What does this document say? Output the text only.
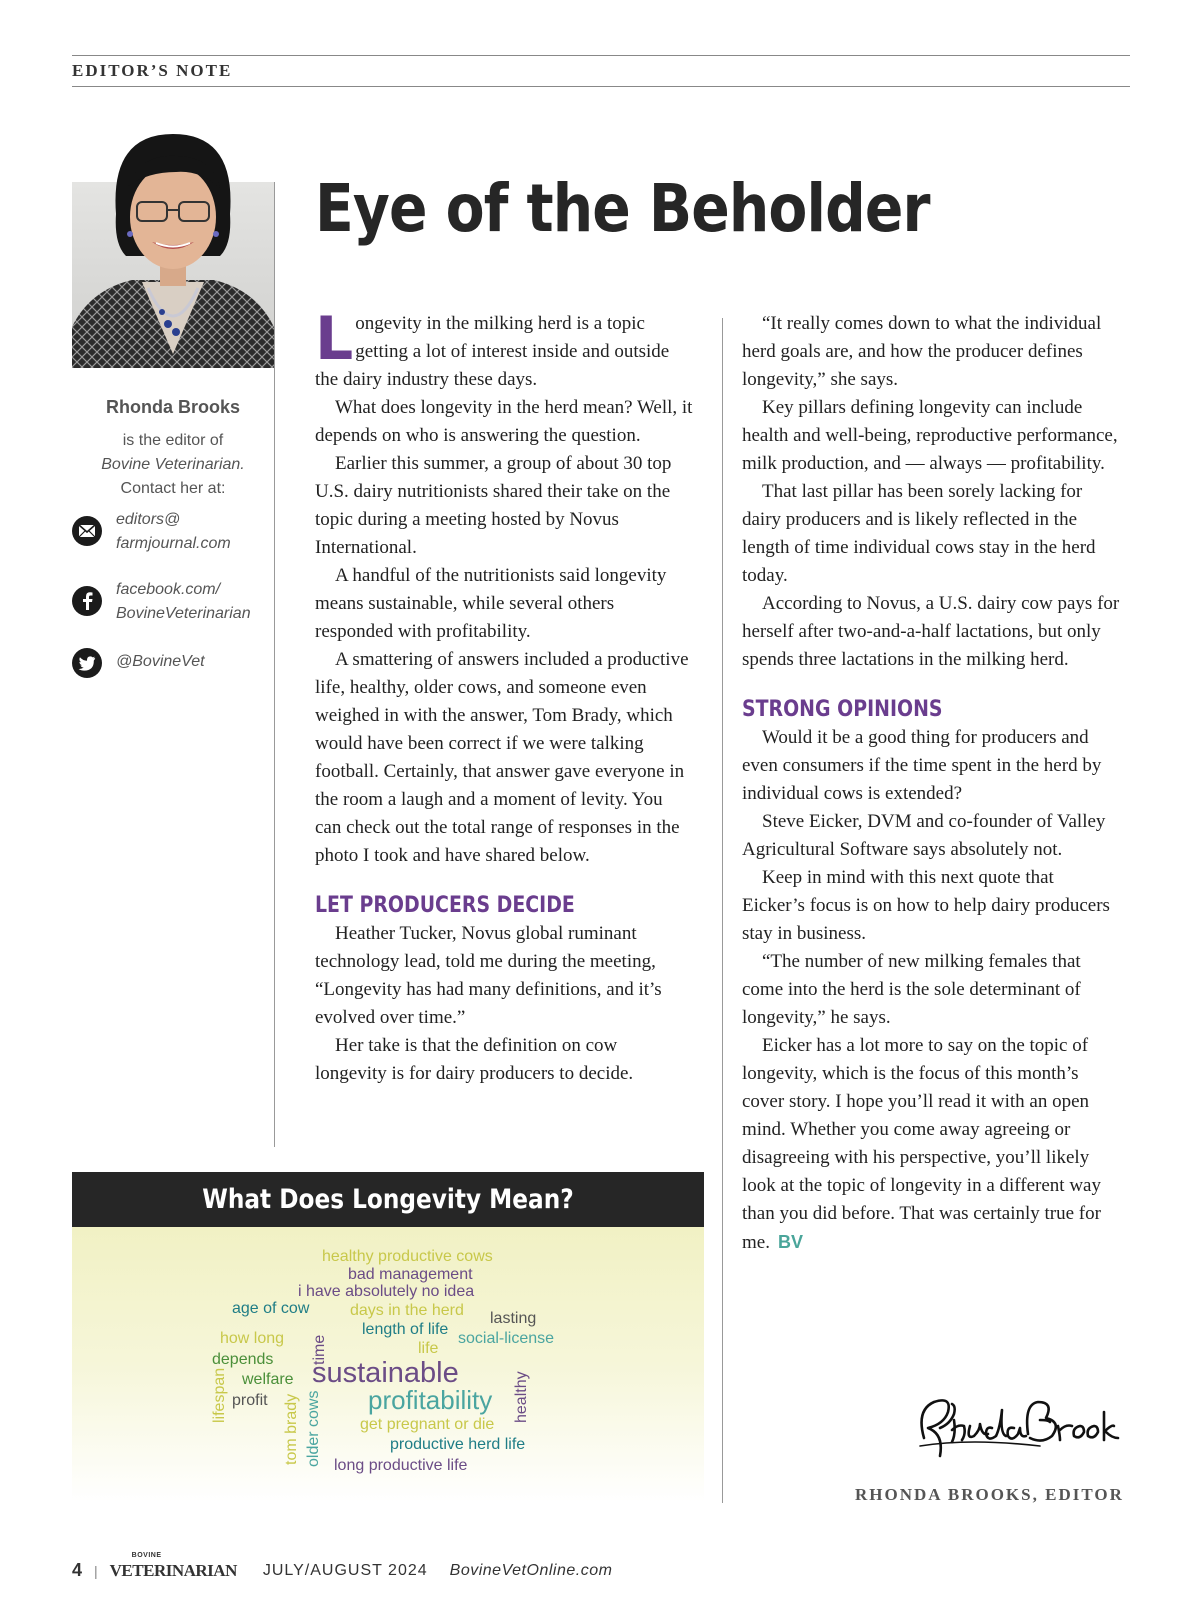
EDITOR’S NOTE
Rhonda Brooks
is the editor of
Bovine Veterinarian.
Contact her at:
editors@
farmjournal.com
facebook.com/
BovineVeterinarian
@BovineVet
Eye of the Beholder

Longevity in the milking herd is a topic getting a lot of interest inside and outside the dairy industry these days.

What does longevity in the herd mean? Well, it depends on who is answering the question.

Earlier this summer, a group of about 30 top U.S. dairy nutritionists shared their take on the topic during a meeting hosted by Novus International.

A handful of the nutritionists said longevity means sustainable, while several others responded with profitability.

A smattering of answers included a productive life, healthy, older cows, and someone even weighed in with the answer, Tom Brady, which would have been correct if we were talking football. Certainly, that answer gave everyone in the room a laugh and a moment of levity. You can check out the total range of responses in the photo I took and have shared below.

LET PRODUCERS DECIDE

Heather Tucker, Novus global ruminant technology lead, told me during the meeting, “Longevity has had many definitions, and it’s evolved over time.”

Her take is that the definition on cow longevity is for dairy producers to decide.

“It really comes down to what the individual herd goals are, and how the producer defines longevity,” she says.

Key pillars defining longevity can include health and well-being, reproductive performance, milk production, and — always — profitability.

That last pillar has been sorely lacking for dairy producers and is likely reflected in the length of time individual cows stay in the herd today.

According to Novus, a U.S. dairy cow pays for herself after two-and-a-half lactations, but only spends three lactations in the milking herd.

STRONG OPINIONS

Would it be a good thing for producers and even consumers if the time spent in the herd by individual cows is extended?

Steve Eicker, DVM and co-founder of Valley Agricultural Software says absolutely not.

Keep in mind with this next quote that Eicker’s focus is on how to help dairy producers stay in business.

“The number of new milking females that come into the herd is the sole determinant of longevity,” he says.

Eicker has a lot more to say on the topic of longevity, which is the focus of this month’s cover story. I hope you’ll read it with an open mind. Whether you come away agreeing or disagreeing with his perspective, you’ll likely look at the topic of longevity in a different way than you did before. That was certainly true for me. BV

What Does Longevity Mean?
healthy productive cows
bad management
i have absolutely no idea
age of cow	days in the herd lasting
how long
length of life
social-license
life
depends time
sustainable
welfare
lifespan	profitability healthy
profit tom brady older cows get pregnant or die
productive herd life
long productive life
RHONDA BROOKS, EDITOR
4 |
BOVINE
VETERINARIAN JULY/AUGUST 2024 BovineVetOnline.com
